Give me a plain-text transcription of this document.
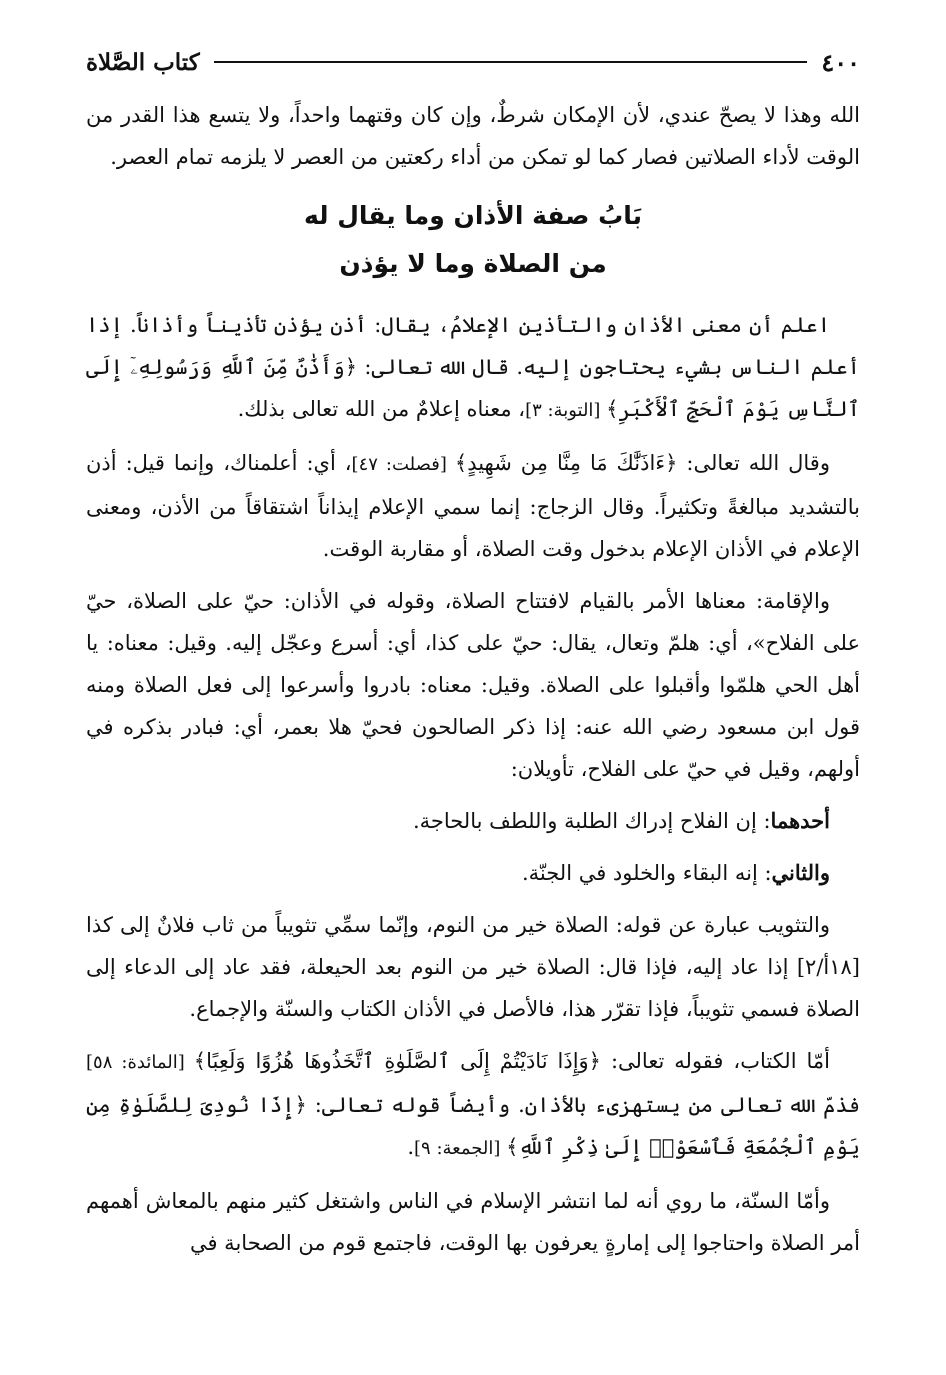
٤٠٠
كتاب الصَّلاة

الله وهذا لا يصحّ عندي، لأن الإمكان شرطٌ، وإن كان وقتهما واحداً، ولا يتسع هذا القدر من الوقت لأداء الصلاتين فصار كما لو تمكن من أداء ركعتين من العصر لا يلزمه تمام العصر.

بَابُ صفة الأذان وما يقال له
من الصلاة وما لا يؤذن

اعلم أن معنى الأذان والتأذين الإعلامُ، يقال: أذن يؤذن تأذيناً وأذاناً. إذا أعلم الناس بشيء يحتاجون إليه. قال الله تعالى: ﴿وَأَذَٰنٌ مِّنَ ٱللَّهِ وَرَسُولِهِۦٓ إِلَى ٱلنَّاسِ يَوْمَ ٱلْحَجِّ ٱلْأَكْبَرِ﴾ [التوبة: ٣]، معناه إعلامٌ من الله تعالى بذلك.

وقال الله تعالى: ﴿ءَاذَنَّٰكَ مَا مِنَّا مِن شَهِيدٍ﴾ [فصلت: ٤٧]، أي: أعلمناك، وإنما قيل: أذن بالتشديد مبالغةً وتكثيراً. وقال الزجاج: إنما سمي الإعلام إيذاناً اشتقاقاً من الأذن، ومعنى الإعلام في الأذان الإعلام بدخول وقت الصلاة، أو مقاربة الوقت.

والإقامة: معناها الأمر بالقيام لافتتاح الصلاة، وقوله في الأذان: حيّ على الصلاة، حيّ على الفلاح»، أي: هلمّ وتعال، يقال: حيّ على كذا، أي: أسرع وعجّل إليه. وقيل: معناه: يا أهل الحي هلمّوا وأقبلوا على الصلاة. وقيل: معناه: بادروا وأسرعوا إلى فعل الصلاة ومنه قول ابن مسعود رضي الله عنه: إذا ذكر الصالحون فحيّ هلا بعمر، أي: فبادر بذكره في أولهم، وقيل في حيّ على الفلاح، تأويلان:

أحدهما: إن الفلاح إدراك الطلبة واللطف بالحاجة.

والثاني: إنه البقاء والخلود في الجنّة.

والتثويب عبارة عن قوله: الصلاة خير من النوم، وإنّما سمِّي تثويباً من ثاب فلانٌ إلى كذا [١٨أ/٢] إذا عاد إليه، فإذا قال: الصلاة خير من النوم بعد الحيعلة، فقد عاد إلى الدعاء إلى الصلاة فسمي تثويباً، فإذا تقرّر هذا، فالأصل في الأذان الكتاب والسنّة والإجماع.

أمّا الكتاب، فقوله تعالى: ﴿وَإِذَا نَادَيْتُمْ إِلَى ٱلصَّلَوٰةِ ٱتَّخَذُوهَا هُزُوًا وَلَعِبًا﴾ [المائدة: ٥٨] فذمّ الله تعالى من يستهزىء بالأذان. وأيضاً قوله تعالى: ﴿إِذَا نُودِىَ لِلصَّلَوٰةِ مِن يَوْمِ ٱلْجُمُعَةِ فَٱسْعَوْا۟ إِلَىٰ ذِكْرِ ٱللَّهِ﴾ [الجمعة: ٩].

وأمّا السنّة، ما روي أنه لما انتشر الإسلام في الناس واشتغل كثير منهم بالمعاش أهمهم أمر الصلاة واحتاجوا إلى إمارةٍ يعرفون بها الوقت، فاجتمع قوم من الصحابة في
